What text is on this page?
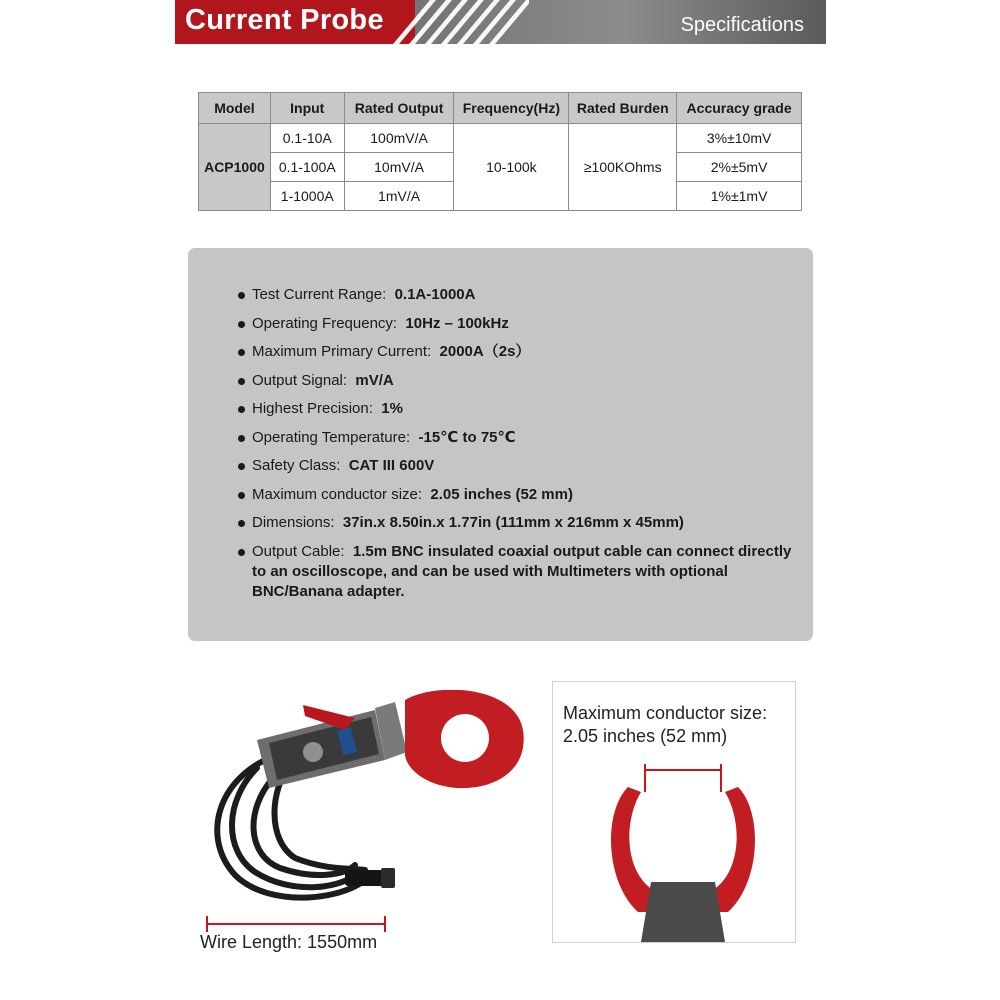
Current Probe	Specifications
Model	Input	Rated Output	Frequency(Hz)	Rated Burden	Accuracy grade
ACP1000	0.1-10A	100mV/A	10-100k	≥100KOhms	3%±10mV
	0.1-100A	10mV/A			2%±5mV
	1-1000A	1mV/A			1%±1mV
Test Current Range: 0.1A-1000A
Operating Frequency: 10Hz – 100kHz
Maximum Primary Current: 2000A（2s）
Output Signal: mV/A
Highest Precision: 1%
Operating Temperature: -15℃ to 75℃
Safety Class: CAT III 600V
Maximum conductor size: 2.05 inches (52 mm)
Dimensions: 37in.x 8.50in.x 1.77in (111mm x 216mm x 45mm)
Output Cable: 1.5m BNC insulated coaxial output cable can connect directly to an oscilloscope, and can be used with Multimeters with optional BNC/Banana adapter.
Wire Length: 1550mm
Maximum conductor size:
2.05 inches (52 mm)
